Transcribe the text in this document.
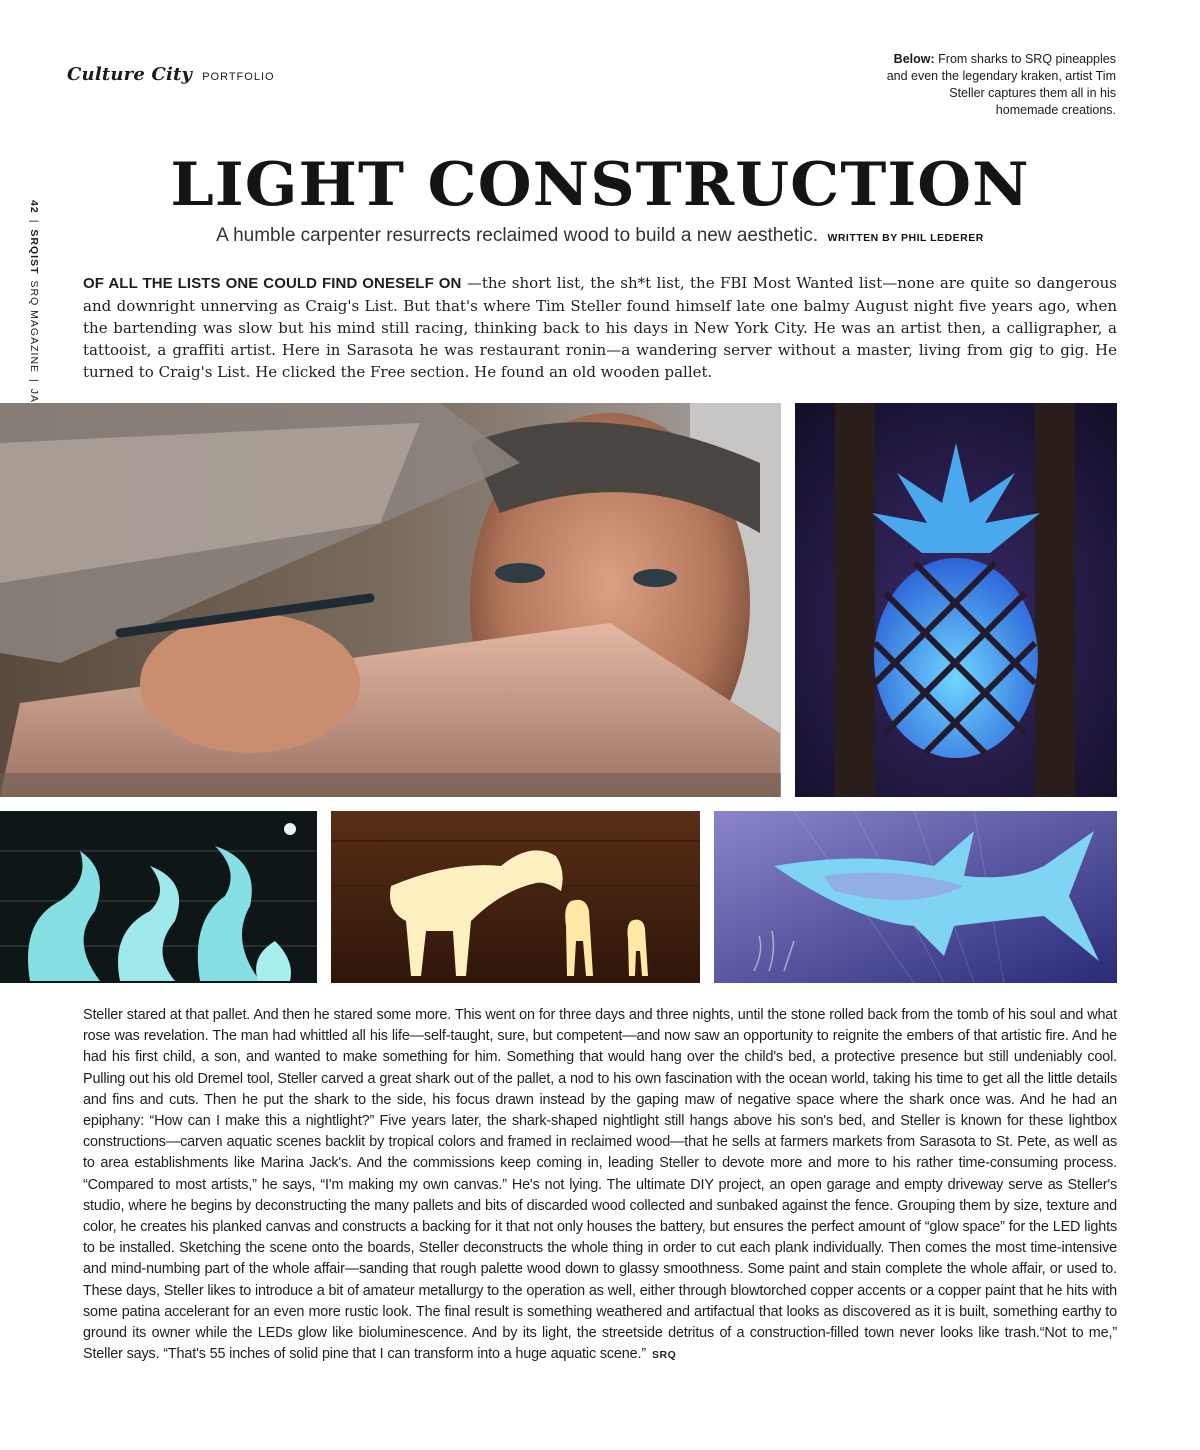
Culture City PORTFOLIO
Below: From sharks to SRQ pineapples and even the legendary kraken, artist Tim Steller captures them all in his homemade creations.
42
|
SRQIST
SRQ MAGAZINE
|
LIGHT CONSTRUCTION
A humble carpenter resurrects reclaimed wood to build a new aesthetic. WRITTEN BY PHIL LEDERER

OF ALL THE LISTS ONE COULD FIND ONESELF ON —the short list, the sh*t list, the FBI Most Wanted list—none are quite so dangerous and downright unnerving as Craig's List. But that's where Tim Steller found himself late one balmy August night five years ago, when the bartending was slow but his mind still racing, thinking back to his days in New York City. He was an artist then, a calligrapher, a tattooist, a graffiti artist. Here in Sarasota he was restaurant ronin—a wandering server without a master, living from gig to gig. He turned to Craig's List. He clicked the Free section. He found an old wooden pallet.

Steller stared at that pallet. And then he stared some more. This went on for three days and three nights, until the stone rolled back from the tomb of his soul and what rose was revelation. The man had whittled all his life—self-taught, sure, but competent—and now saw an opportunity to reignite the embers of that artistic fire. And he had his first child, a son, and wanted to make something for him. Something that would hang over the child's bed, a protective presence but still undeniably cool. Pulling out his old Dremel tool, Steller carved a great shark out of the pallet, a nod to his own fascination with the ocean world, taking his time to get all the little details and fins and cuts. Then he put the shark to the side, his focus drawn instead by the gaping maw of negative space where the shark once was. And he had an epiphany: “How can I make this a nightlight?” Five years later, the shark-shaped nightlight still hangs above his son's bed, and Steller is known for these lightbox constructions—carven aquatic scenes backlit by tropical colors and framed in reclaimed wood—that he sells at farmers markets from Sarasota to St. Pete, as well as to area establishments like Marina Jack's. And the commissions keep coming in, leading Steller to devote more and more to his rather time-consuming process. “Compared to most artists,” he says, “I'm making my own canvas.” He's not lying. The ultimate DIY project, an open garage and empty driveway serve as Steller's studio, where he begins by deconstructing the many pallets and bits of discarded wood collected and sunbaked against the fence. Grouping them by size, texture and color, he creates his planked canvas and constructs a backing for it that not only houses the battery, but ensures the perfect amount of “glow space” for the LED lights to be installed. Sketching the scene onto the boards, Steller deconstructs the whole thing in order to cut each plank individually. Then comes the most time-intensive and mind-numbing part of the whole affair—sanding that rough palette wood down to glassy smoothness. Some paint and stain complete the whole affair, or used to. These days, Steller likes to introduce a bit of amateur metallurgy to the operation as well, either through blowtorched copper accents or a copper paint that he hits with some patina accelerant for an even more rustic look. The final result is something weathered and artifactual that looks as discovered as it is built, something earthy to ground its owner while the LEDs glow like bioluminescence. And by its light, the streetside detritus of a construction-filled town never looks like trash.“Not to me,” Steller says. “That's 55 inches of solid pine that I can transform into a huge aquatic scene.” SRQ
